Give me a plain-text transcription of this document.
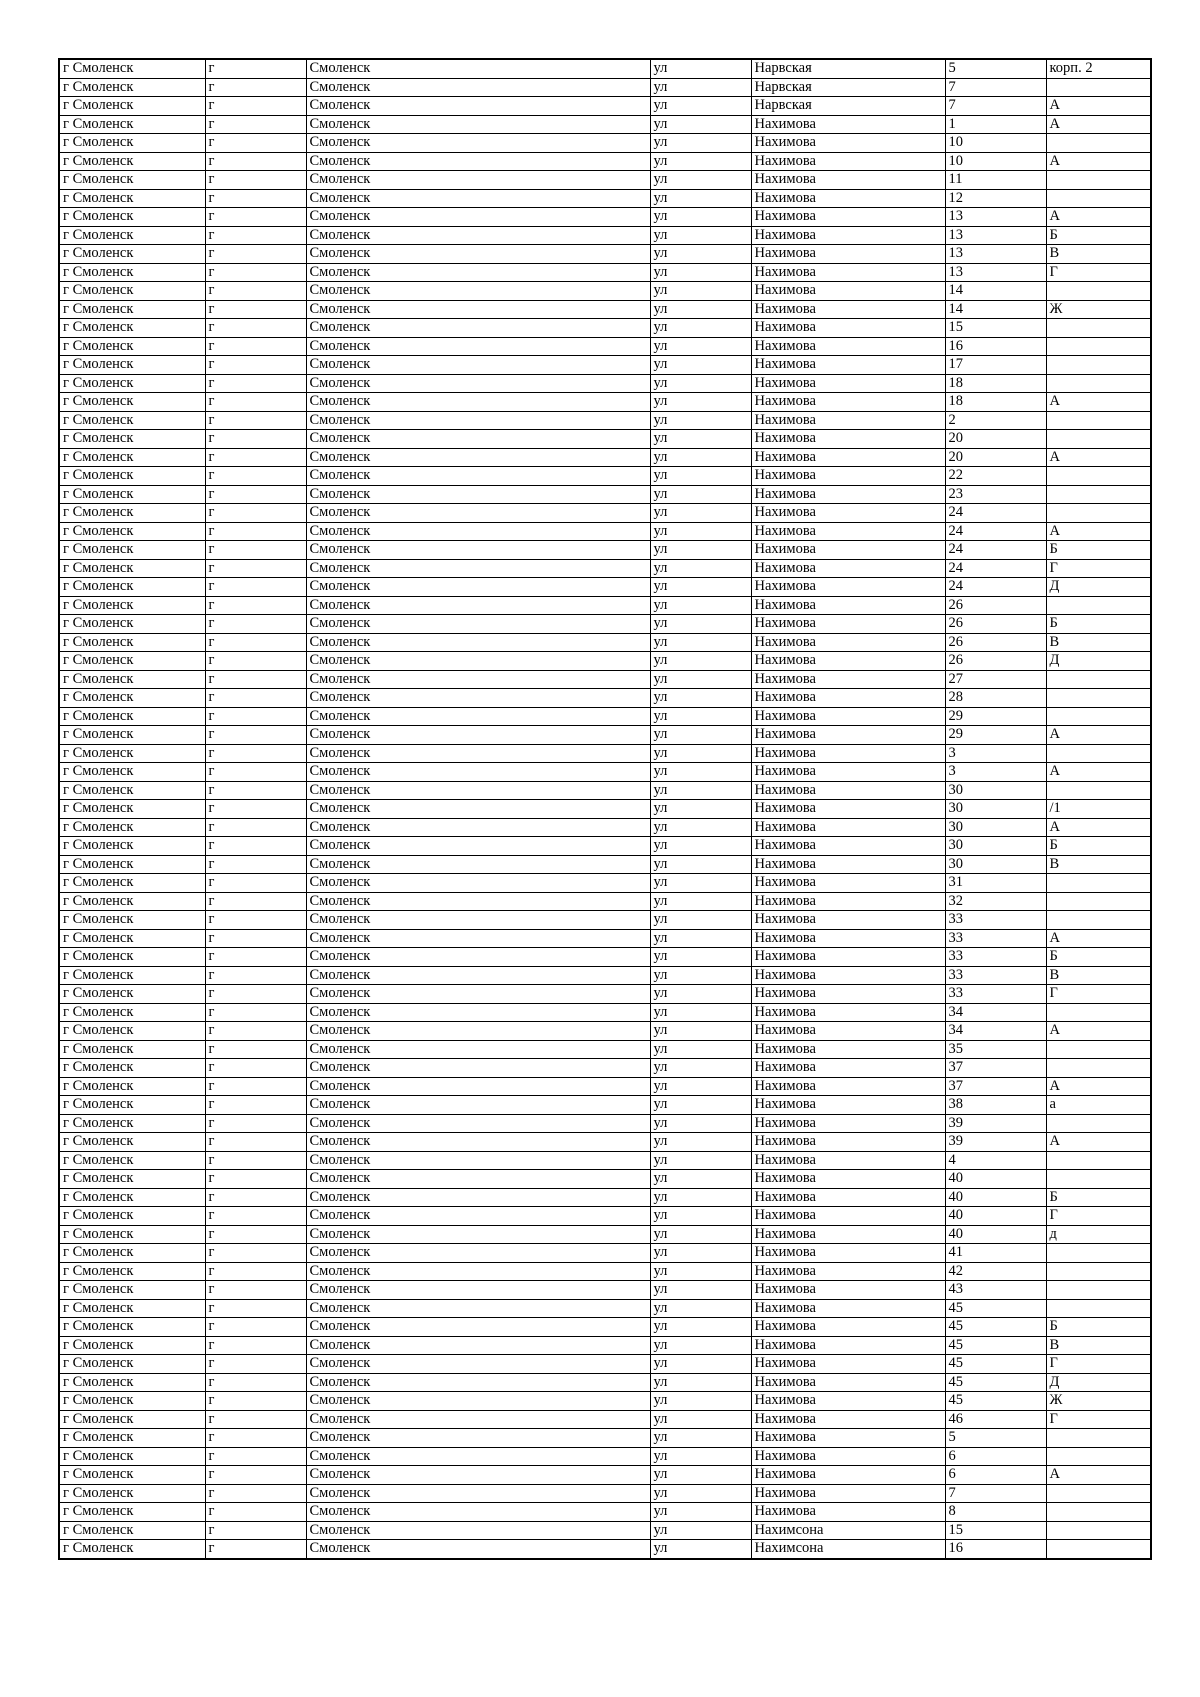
г Смоленск	г	Смоленск	ул	Нарвская	5	корп. 2
г Смоленск	г	Смоленск	ул	Нарвская	7	
г Смоленск	г	Смоленск	ул	Нарвская	7	А
г Смоленск	г	Смоленск	ул	Нахимова	1	А
г Смоленск	г	Смоленск	ул	Нахимова	10	
г Смоленск	г	Смоленск	ул	Нахимова	10	А
г Смоленск	г	Смоленск	ул	Нахимова	11	
г Смоленск	г	Смоленск	ул	Нахимова	12	
г Смоленск	г	Смоленск	ул	Нахимова	13	А
г Смоленск	г	Смоленск	ул	Нахимова	13	Б
г Смоленск	г	Смоленск	ул	Нахимова	13	В
г Смоленск	г	Смоленск	ул	Нахимова	13	Г
г Смоленск	г	Смоленск	ул	Нахимова	14	
г Смоленск	г	Смоленск	ул	Нахимова	14	Ж
г Смоленск	г	Смоленск	ул	Нахимова	15	
г Смоленск	г	Смоленск	ул	Нахимова	16	
г Смоленск	г	Смоленск	ул	Нахимова	17	
г Смоленск	г	Смоленск	ул	Нахимова	18	
г Смоленск	г	Смоленск	ул	Нахимова	18	А
г Смоленск	г	Смоленск	ул	Нахимова	2	
г Смоленск	г	Смоленск	ул	Нахимова	20	
г Смоленск	г	Смоленск	ул	Нахимова	20	А
г Смоленск	г	Смоленск	ул	Нахимова	22	
г Смоленск	г	Смоленск	ул	Нахимова	23	
г Смоленск	г	Смоленск	ул	Нахимова	24	
г Смоленск	г	Смоленск	ул	Нахимова	24	А
г Смоленск	г	Смоленск	ул	Нахимова	24	Б
г Смоленск	г	Смоленск	ул	Нахимова	24	Г
г Смоленск	г	Смоленск	ул	Нахимова	24	Д
г Смоленск	г	Смоленск	ул	Нахимова	26	
г Смоленск	г	Смоленск	ул	Нахимова	26	Б
г Смоленск	г	Смоленск	ул	Нахимова	26	В
г Смоленск	г	Смоленск	ул	Нахимова	26	Д
г Смоленск	г	Смоленск	ул	Нахимова	27	
г Смоленск	г	Смоленск	ул	Нахимова	28	
г Смоленск	г	Смоленск	ул	Нахимова	29	
г Смоленск	г	Смоленск	ул	Нахимова	29	А
г Смоленск	г	Смоленск	ул	Нахимова	3	
г Смоленск	г	Смоленск	ул	Нахимова	3	А
г Смоленск	г	Смоленск	ул	Нахимова	30	
г Смоленск	г	Смоленск	ул	Нахимова	30	/1
г Смоленск	г	Смоленск	ул	Нахимова	30	А
г Смоленск	г	Смоленск	ул	Нахимова	30	Б
г Смоленск	г	Смоленск	ул	Нахимова	30	В
г Смоленск	г	Смоленск	ул	Нахимова	31	
г Смоленск	г	Смоленск	ул	Нахимова	32	
г Смоленск	г	Смоленск	ул	Нахимова	33	
г Смоленск	г	Смоленск	ул	Нахимова	33	А
г Смоленск	г	Смоленск	ул	Нахимова	33	Б
г Смоленск	г	Смоленск	ул	Нахимова	33	В
г Смоленск	г	Смоленск	ул	Нахимова	33	Г
г Смоленск	г	Смоленск	ул	Нахимова	34	
г Смоленск	г	Смоленск	ул	Нахимова	34	А
г Смоленск	г	Смоленск	ул	Нахимова	35	
г Смоленск	г	Смоленск	ул	Нахимова	37	
г Смоленск	г	Смоленск	ул	Нахимова	37	А
г Смоленск	г	Смоленск	ул	Нахимова	38	а
г Смоленск	г	Смоленск	ул	Нахимова	39	
г Смоленск	г	Смоленск	ул	Нахимова	39	А
г Смоленск	г	Смоленск	ул	Нахимова	4	
г Смоленск	г	Смоленск	ул	Нахимова	40	
г Смоленск	г	Смоленск	ул	Нахимова	40	Б
г Смоленск	г	Смоленск	ул	Нахимова	40	Г
г Смоленск	г	Смоленск	ул	Нахимова	40	д
г Смоленск	г	Смоленск	ул	Нахимова	41	
г Смоленск	г	Смоленск	ул	Нахимова	42	
г Смоленск	г	Смоленск	ул	Нахимова	43	
г Смоленск	г	Смоленск	ул	Нахимова	45	
г Смоленск	г	Смоленск	ул	Нахимова	45	Б
г Смоленск	г	Смоленск	ул	Нахимова	45	В
г Смоленск	г	Смоленск	ул	Нахимова	45	Г
г Смоленск	г	Смоленск	ул	Нахимова	45	Д
г Смоленск	г	Смоленск	ул	Нахимова	45	Ж
г Смоленск	г	Смоленск	ул	Нахимова	46	Г
г Смоленск	г	Смоленск	ул	Нахимова	5	
г Смоленск	г	Смоленск	ул	Нахимова	6	
г Смоленск	г	Смоленск	ул	Нахимова	6	А
г Смоленск	г	Смоленск	ул	Нахимова	7	
г Смоленск	г	Смоленск	ул	Нахимова	8	
г Смоленск	г	Смоленск	ул	Нахимсона	15	
г Смоленск	г	Смоленск	ул	Нахимсона	16	
